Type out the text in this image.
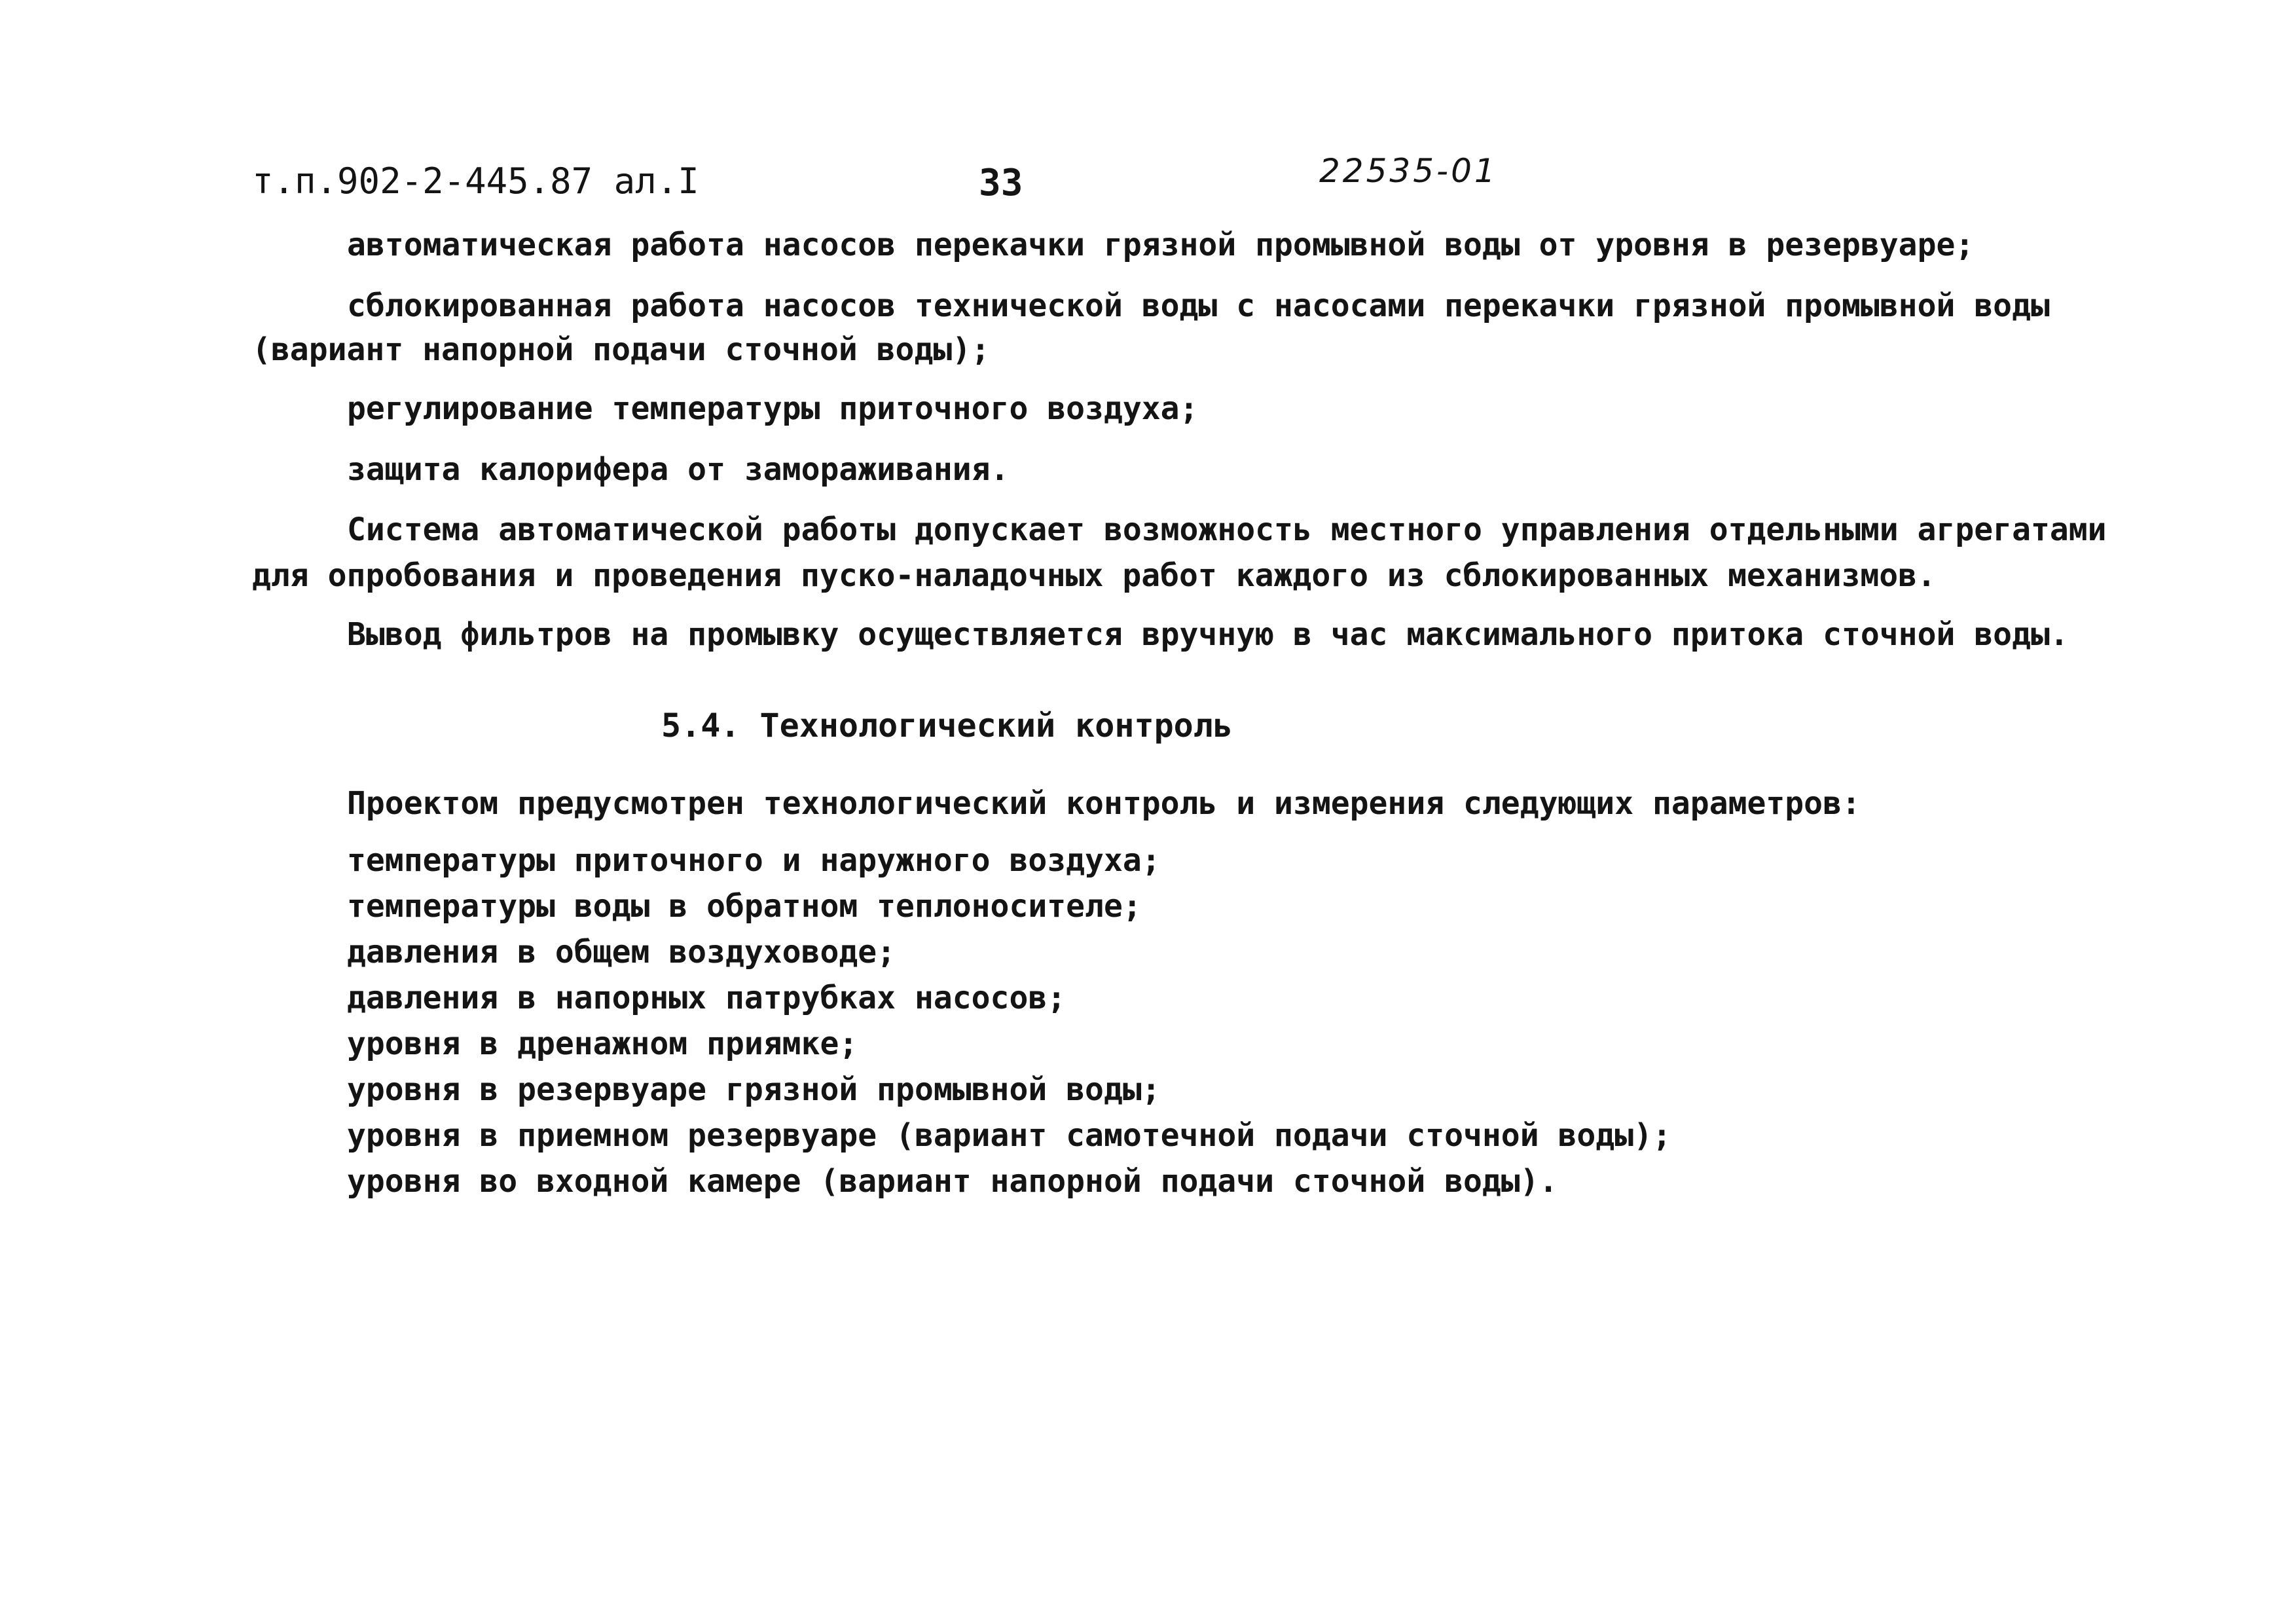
т.п.902-2-445.87 ал.I	33	22535-01
автоматическая работа насосов перекачки грязной промывной воды от уровня в резервуаре;
сблокированная работа насосов технической воды с насосами перекачки грязной промывной воды
(вариант напорной подачи сточной воды);
регулирование температуры приточного воздуха;
защита калорифера от замораживания.
Система автоматической работы допускает возможность местного управления отдельными агрегатами
для опробования и проведения пуско-наладочных работ каждого из сблокированных механизмов.
Вывод фильтров на промывку осуществляется вручную в час максимального притока сточной воды.
5.4. Технологический контроль
Проектом предусмотрен технологический контроль и измерения следующих параметров:
температуры приточного и наружного воздуха;
температуры воды в обратном теплоносителе;
давления в общем воздуховоде;
давления в напорных патрубках насосов;
уровня в дренажном приямке;
уровня в резервуаре грязной промывной воды;
уровня в приемном резервуаре (вариант самотечной подачи сточной воды);
уровня во входной камере (вариант напорной подачи сточной воды).
